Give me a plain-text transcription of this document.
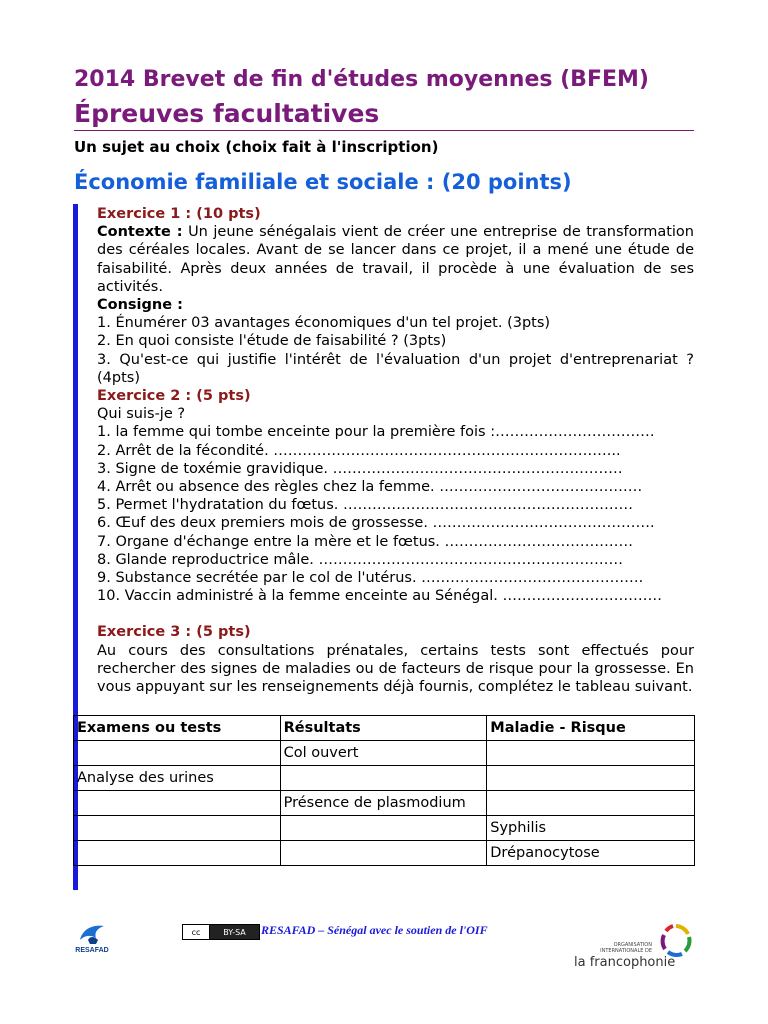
2014 Brevet de fin d'études moyennes (BFEM)
Épreuves facultatives
Un sujet au choix (choix fait à l'inscription)
Économie familiale et sociale : (20 points)
Exercice 1 : (10 pts)
Contexte : Un jeune sénégalais vient de créer une entreprise de transformation des céréales locales. Avant de se lancer dans ce projet, il a mené une étude de faisabilité. Après deux années de travail, il procède à une évaluation de ses activités.
Consigne :
1. Énumérer 03 avantages économiques d'un tel projet. (3pts)
2. En quoi consiste l'étude de faisabilité ? (3pts)
3. Qu'est-ce qui justifie l'intérêt de l'évaluation d'un projet d'entreprenariat ? (4pts)
Exercice 2 : (5 pts)
Qui suis-je ?
1. la femme qui tombe enceinte pour la première fois :……………………………
2. Arrêt de la fécondité. ……………………………………………………………...
3. Signe de toxémie gravidique. ……………………………………………………
4. Arrêt ou absence des règles chez la femme. ……………………………………
5. Permet l'hydratation du fœtus. ……………………………………………………
6. Œuf des deux premiers mois de grossesse. ……………………………………….
7. Organe d'échange entre la mère et le fœtus. …………………………………
8. Glande reproductrice mâle. ………………………………………………………
9. Substance secrétée par le col de l'utérus. ……………………………………….
10. Vaccin administré à la femme enceinte au Sénégal. ……………………………
Exercice 3 : (5 pts)
Au cours des consultations prénatales, certains tests sont effectués pour rechercher des signes de maladies ou de facteurs de risque pour la grossesse. En vous appuyant sur les renseignements déjà fournis, complétez le tableau suivant.
Examens ou tests	Résultats	Maladie - Risque
	Col ouvert	
Analyse des urines		
	Présence de plasmodium	
		Syphilis
		Drépanocytose
RESAFAD
cc	BY-SA	RESAFAD – Sénégal avec le soutien de l'OIF
ORGANISATION
INTERNATIONALE DE
la francophonie
